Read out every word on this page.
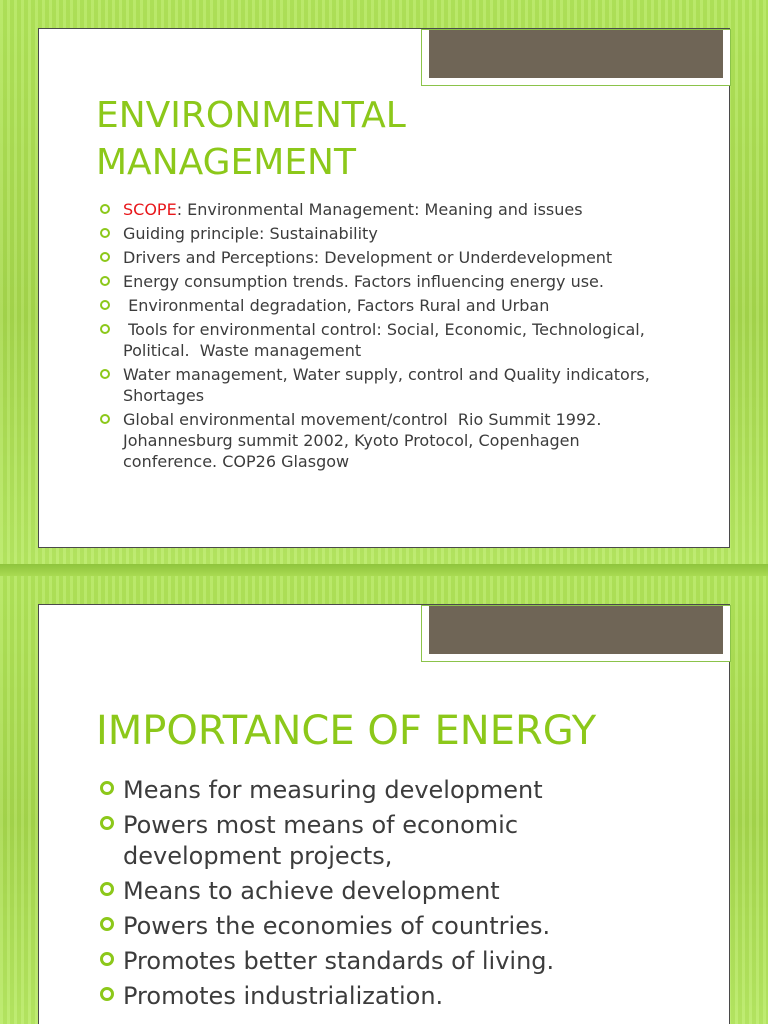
ENVIRONMENTAL MANAGEMENT
SCOPE: Environmental Management: Meaning and issues
Guiding principle: Sustainability
Drivers and Perceptions: Development or Underdevelopment
Energy consumption trends. Factors influencing energy use.
Environmental degradation, Factors Rural and Urban
Tools for environmental control: Social, Economic, Technological, Political.  Waste management
Water management, Water supply, control and Quality indicators,  Shortages
Global environmental movement/control  Rio Summit 1992. Johannesburg summit 2002, Kyoto Protocol, Copenhagen conference. COP26 Glasgow
IMPORTANCE OF ENERGY
Means for measuring development
Powers most means of economic development projects,
Means to achieve development
Powers the economies of countries.
Promotes better standards of living.
Promotes industrialization.
